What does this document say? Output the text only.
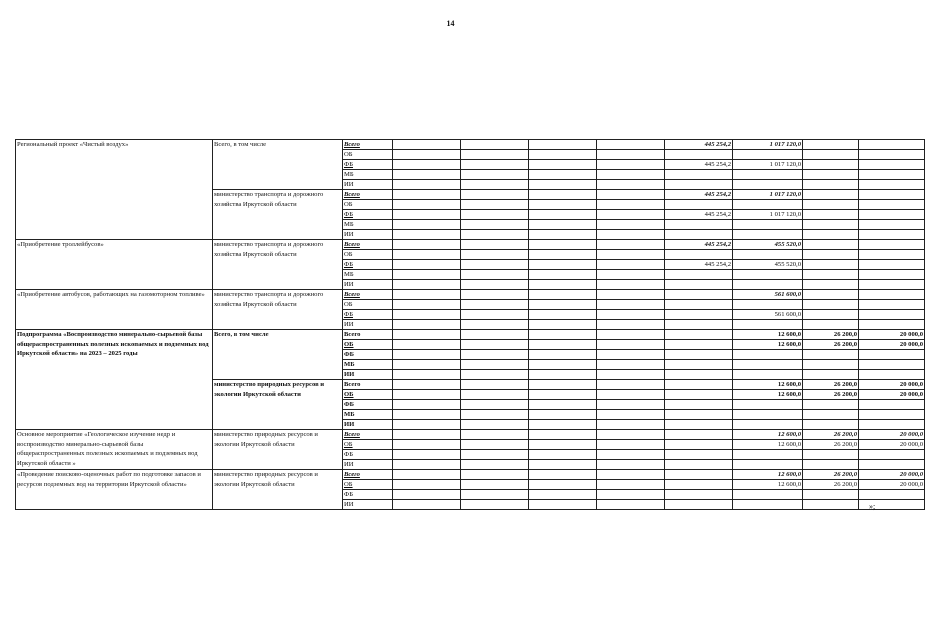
14
Региональный проект «Чистый воздух»	Всего, в том числе	Всего					445 254,2	1 017 120,0		
		ОБ								
		ФБ					445 254,2	1 017 120,0		
		МБ								
		ИИ								
	министерство транспорта и дорожного хозяйства Иркутской области	Всего					445 254,2	1 017 120,0		
		ОБ								
		ФБ					445 254,2	1 017 120,0		
		МБ								
		ИИ								
«Приобретение троллейбусов»	министерство транспорта и дорожного хозяйства Иркутской области	Всего					445 254,2	455 520,0		
		ОБ								
		ФБ					445 254,2	455 520,0		
		МБ								
		ИИ								
«Приобретение автобусов, работающих на газомоторном топливе»	министерство транспорта и дорожного хозяйства Иркутской области	Всего						561 600,0		
		ОБ								
		ФБ						561 600,0		
		ИИ								
Подпрограмма «Воспроизводство минерально-сырьевой базы общераспространенных полезных ископаемых и подземных вод Иркутской области» на 2023 – 2025 годы	Всего, в том числе	Всего						12 600,0	26 200,0	20 000,0
		ОБ						12 600,0	26 200,0	20 000,0
		ФБ								
		МБ								
		ИИ								
	министерство природных ресурсов и экологии Иркутской области	Всего						12 600,0	26 200,0	20 000,0
		ОБ						12 600,0	26 200,0	20 000,0
		ФБ								
		МБ								
		ИИ								
Основное мероприятие «Геологическое изучение недр и воспроизводство минерально-сырьевой базы общераспространенных полезных ископаемых и подземных вод Иркутской области »	министерство природных ресурсов и экологии Иркутской области	Всего						12 600,0	26 200,0	20 000,0
		ОБ						12 600,0	26 200,0	20 000,0
		ФБ								
		ИИ								
«Проведение поисково-оценочных работ по подготовке запасов и ресурсов подземных вод на территории Иркутской области»	министерство природных ресурсов и экологии Иркутской области	Всего						12 600,0	26 200,0	20 000,0
		ОБ						12 600,0	26 200,0	20 000,0
		ФБ								
		ИИ									»;
